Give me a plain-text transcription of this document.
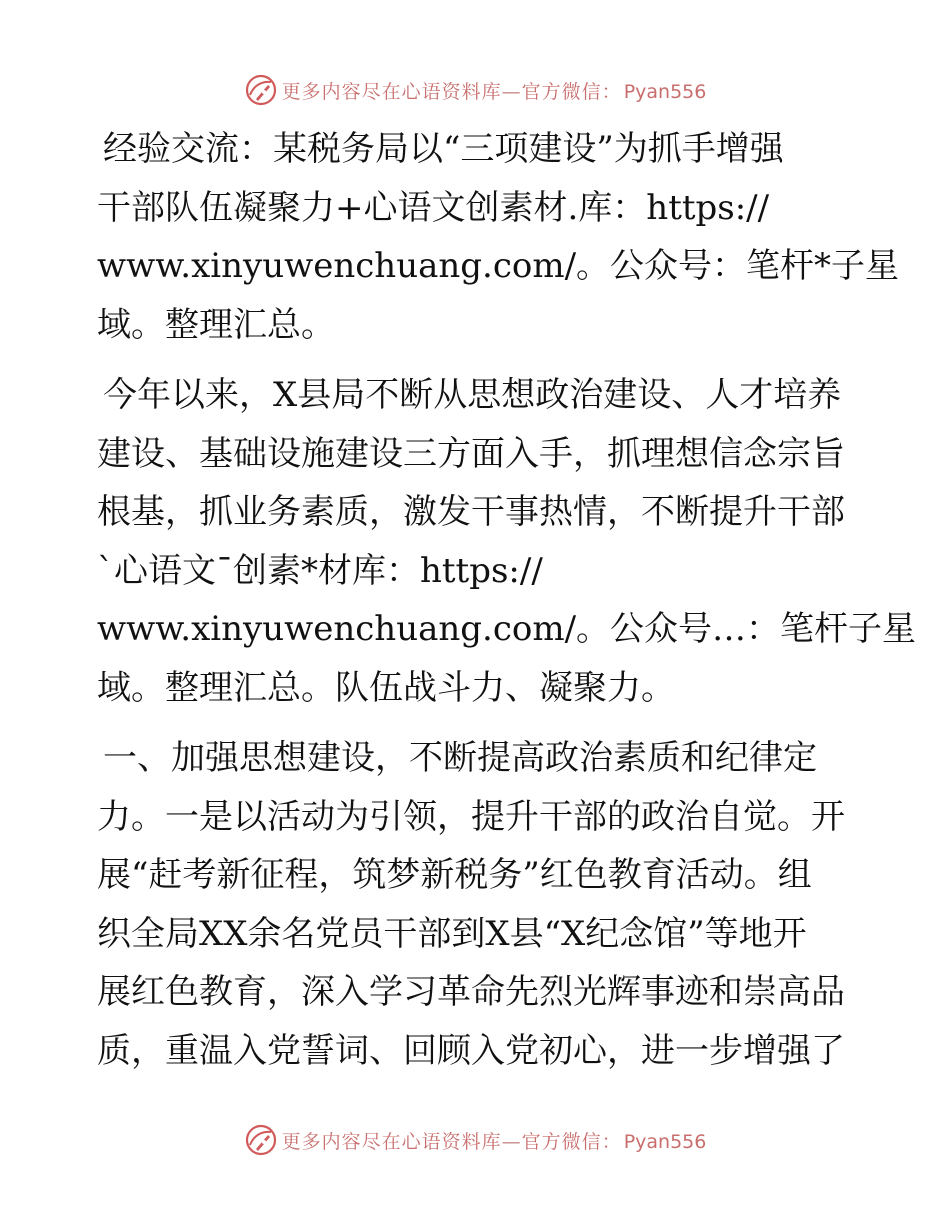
更多内容尽在心语资料库—官方微信： Pyan556

经验交流：某税务局以“三项建设”为抓手增强
干部队伍凝聚力+心语文创素材.库：https://
www.xinyuwenchuang.com/。公众号：笔杆*子星
域。整理汇总。

今年以来，X县局不断从思想政治建设、人才培养
建设、基础设施建设三方面入手，抓理想信念宗旨
根基，抓业务素质，激发干事热情，不断提升干部
`心语文¯创素*材库：https://
www.xinyuwenchuang.com/。公众号…：笔杆子星
域。整理汇总。队伍战斗力、凝聚力。

一、加强思想建设，不断提高政治素质和纪律定
力。一是以活动为引领，提升干部的政治自觉。开
展“赶考新征程，筑梦新税务”红色教育活动。组
织全局XX余名党员干部到X县“X纪念馆”等地开
展红色教育，深入学习革命先烈光辉事迹和崇高品
质，重温入党誓词、回顾入党初心，进一步增强了

更多内容尽在心语资料库—官方微信： Pyan556
